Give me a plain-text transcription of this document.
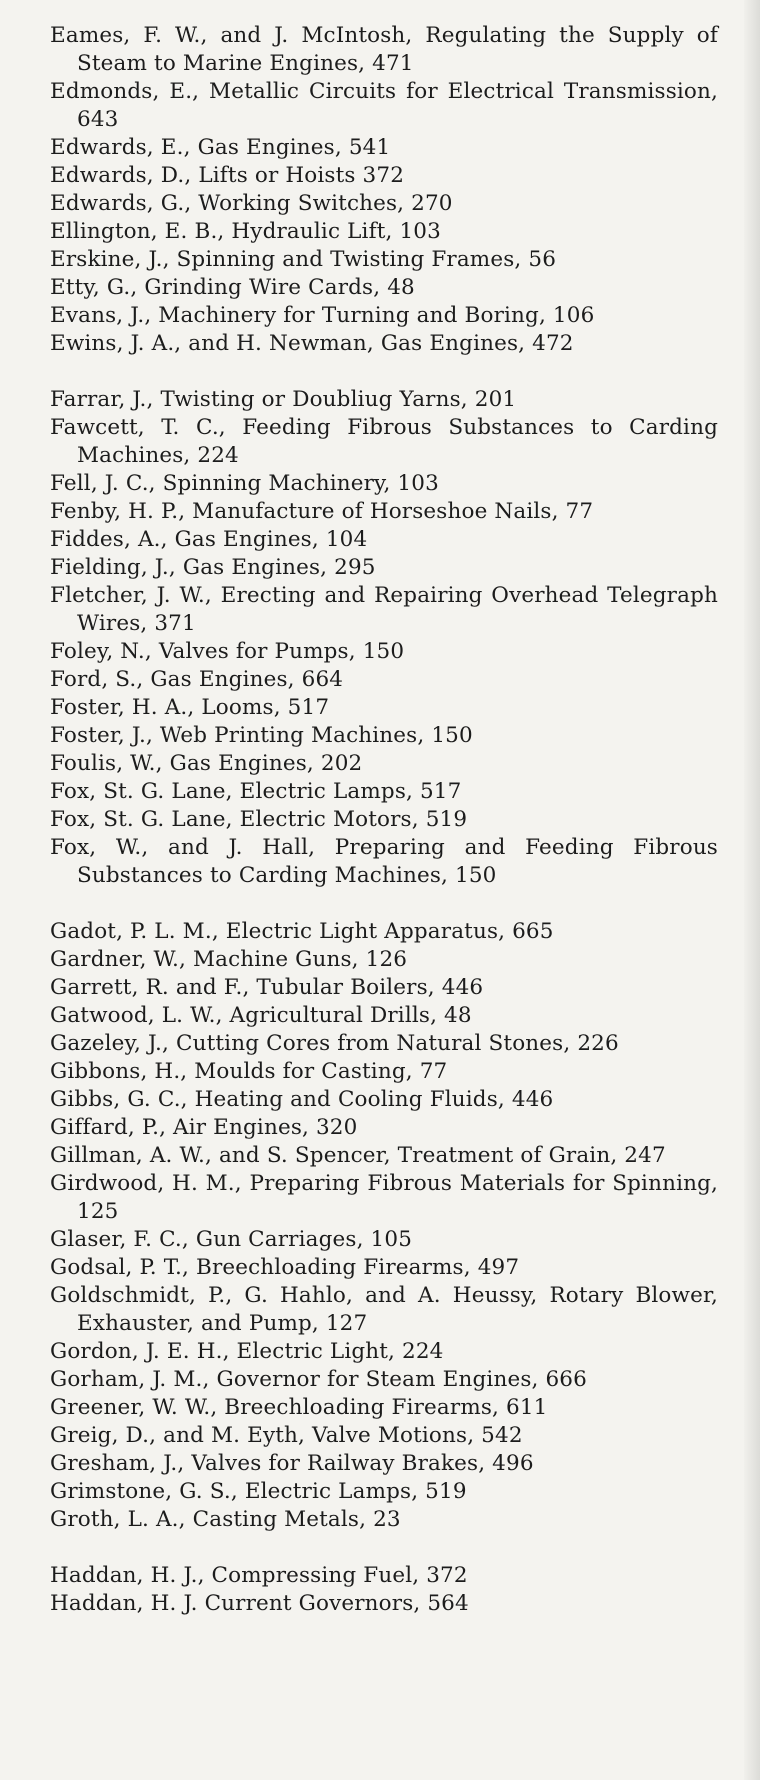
Eames, F. W., and J. McIntosh, Regulating the Supply of Steam to Marine Engines, 471
Edmonds, E., Metallic Circuits for Electrical Transmission, 643
Edwards, E., Gas Engines, 541
Edwards, D., Lifts or Hoists 372
Edwards, G., Working Switches, 270
Ellington, E. B., Hydraulic Lift, 103
Erskine, J., Spinning and Twisting Frames, 56
Etty, G., Grinding Wire Cards, 48
Evans, J., Machinery for Turning and Boring, 106
Ewins, J. A., and H. Newman, Gas Engines, 472
Farrar, J., Twisting or Doubliug Yarns, 201
Fawcett, T. C., Feeding Fibrous Substances to Carding Machines, 224
Fell, J. C., Spinning Machinery, 103
Fenby, H. P., Manufacture of Horseshoe Nails, 77
Fiddes, A., Gas Engines, 104
Fielding, J., Gas Engines, 295
Fletcher, J. W., Erecting and Repairing Overhead Telegraph Wires, 371
Foley, N., Valves for Pumps, 150
Ford, S., Gas Engines, 664
Foster, H. A., Looms, 517
Foster, J., Web Printing Machines, 150
Foulis, W., Gas Engines, 202
Fox, St. G. Lane, Electric Lamps, 517
Fox, St. G. Lane, Electric Motors, 519
Fox, W., and J. Hall, Preparing and Feeding Fibrous Substances to Carding Machines, 150
Gadot, P. L. M., Electric Light Apparatus, 665
Gardner, W., Machine Guns, 126
Garrett, R. and F., Tubular Boilers, 446
Gatwood, L. W., Agricultural Drills, 48
Gazeley, J., Cutting Cores from Natural Stones, 226
Gibbons, H., Moulds for Casting, 77
Gibbs, G. C., Heating and Cooling Fluids, 446
Giffard, P., Air Engines, 320
Gillman, A. W., and S. Spencer, Treatment of Grain, 247
Girdwood, H. M., Preparing Fibrous Materials for Spinning, 125
Glaser, F. C., Gun Carriages, 105
Godsal, P. T., Breechloading Firearms, 497
Goldschmidt, P., G. Hahlo, and A. Heussy, Rotary Blower, Exhauster, and Pump, 127
Gordon, J. E. H., Electric Light, 224
Gorham, J. M., Governor for Steam Engines, 666
Greener, W. W., Breechloading Firearms, 611
Greig, D., and M. Eyth, Valve Motions, 542
Gresham, J., Valves for Railway Brakes, 496
Grimstone, G. S., Electric Lamps, 519
Groth, L. A., Casting Metals, 23
Haddan, H. J., Compressing Fuel, 372
Haddan, H. J. Current Governors, 564
